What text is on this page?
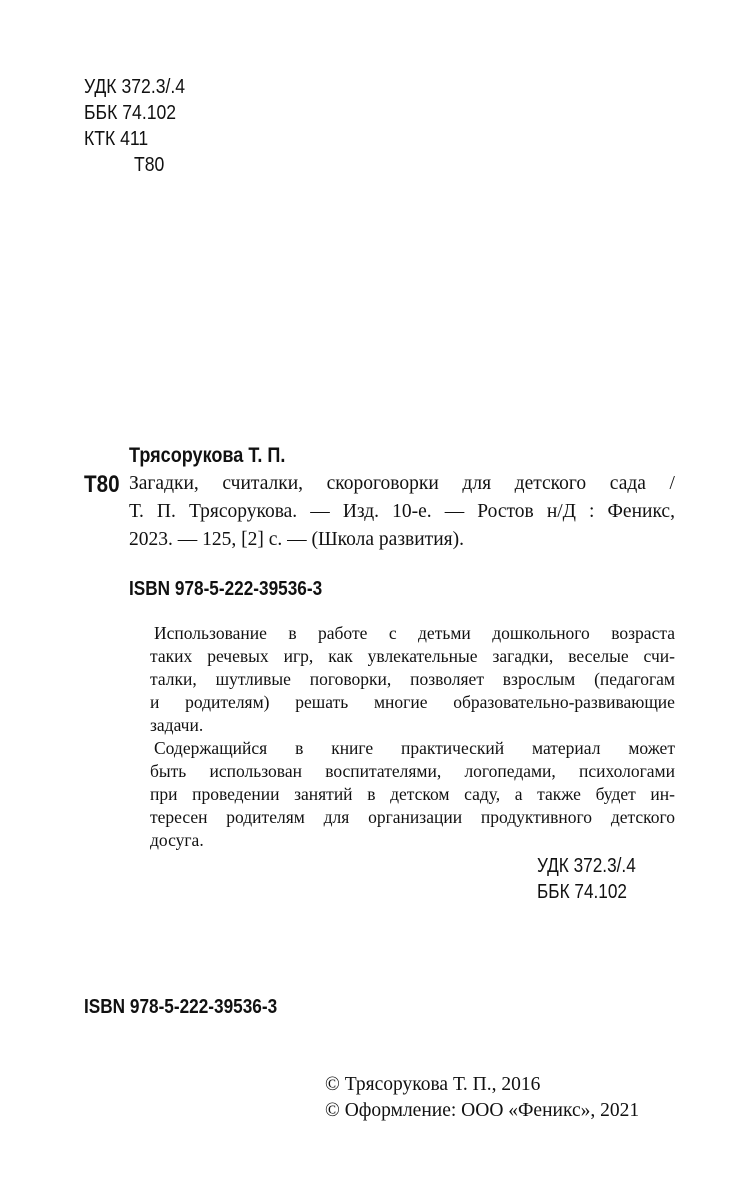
УДК 372.3/.4
ББК 74.102
КТК 411
Т80
Трясорукова Т. П.
Т80 Загадки, считалки, скороговорки для детского сада /
Т. П. Трясорукова. — Изд. 10-е. — Ростов н/Д : Феникс,
2023. — 125, [2] с. — (Школа развития).
ISBN 978-5-222-39536-3
Использование в работе с детьми дошкольного возраста
таких речевых игр, как увлекательные загадки, веселые счи-
талки, шутливые поговорки, позволяет взрослым (педагогам
и родителям) решать многие образовательно-развивающие
задачи.
Содержащийся в книге практический материал может
быть использован воспитателями, логопедами, психологами
при проведении занятий в детском саду, а также будет ин-
тересен родителям для организации продуктивного детского
досуга.
УДК 372.3/.4
ББК 74.102
ISBN 978-5-222-39536-3
© Трясорукова Т. П., 2016
© Оформление: ООО «Феникс», 2021
